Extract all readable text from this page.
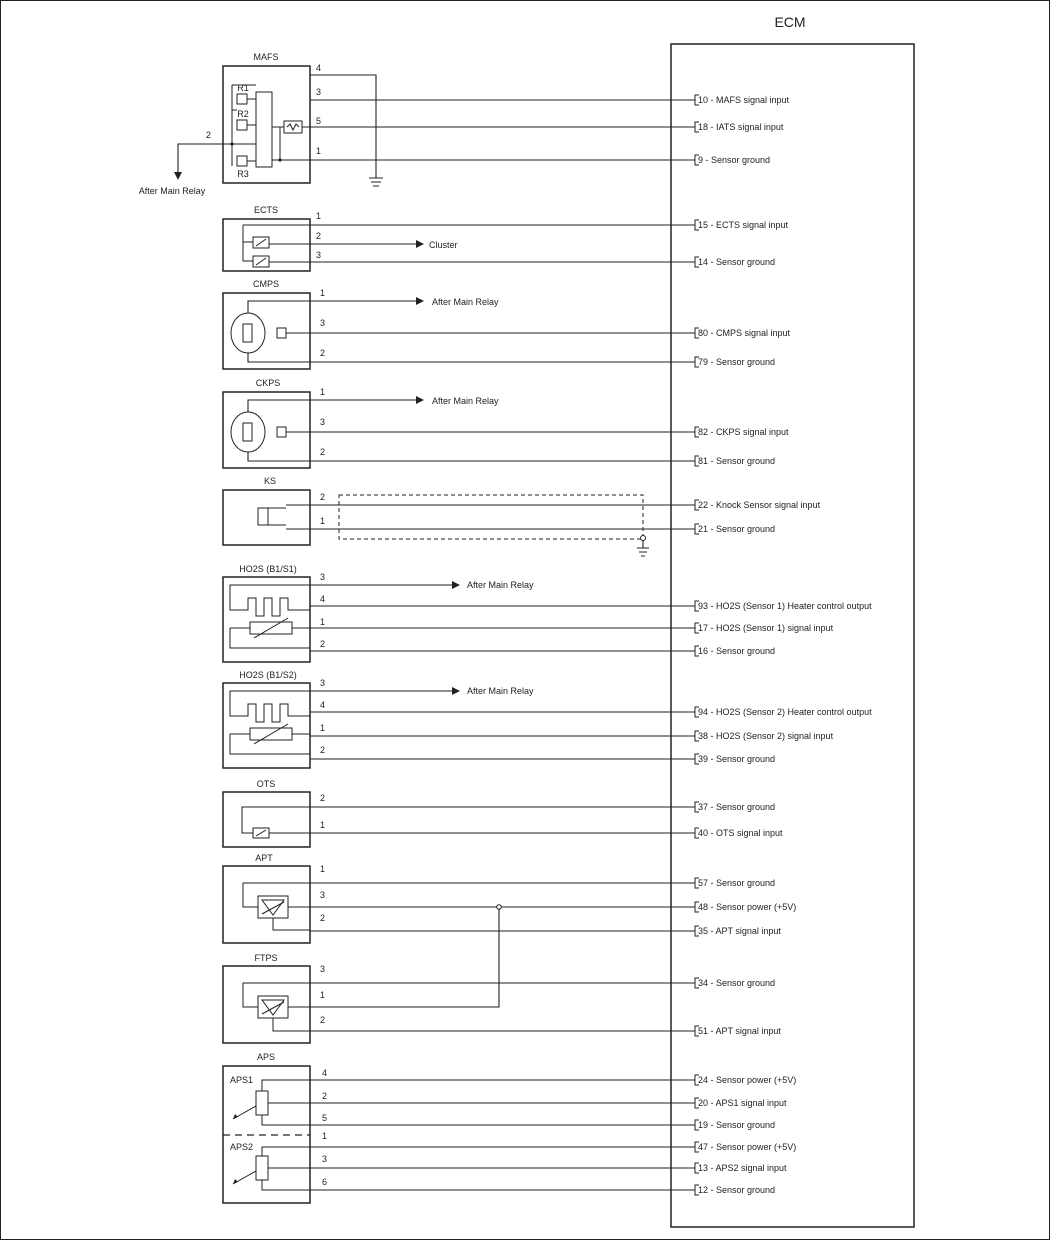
ECM
MAFS
R1
R2
R3
4
3
5
1
2
After Main Relay
ECTS
1
2
3
Cluster
CMPS
1
3
2
After Main Relay
CKPS
1
3
2
After Main Relay
KS
2
1
HO2S (B1/S1)
3
4
1
2
After Main Relay
HO2S (B1/S2)
3
4
1
2
After Main Relay
OTS
2
1
APT
1
3
2
FTPS
3
1
2
APS
APS1
APS2
4
2
5
1
3
6
10 - MAFS signal input
18 - IATS signal input
9 - Sensor ground
15 - ECTS signal input
14 - Sensor ground
80 - CMPS signal input
79 - Sensor ground
82 - CKPS signal input
81 - Sensor ground
22 - Knock Sensor signal input
21 - Sensor ground
93 - HO2S (Sensor 1) Heater control output
17 - HO2S (Sensor 1) signal input
16 - Sensor ground
94 - HO2S (Sensor 2) Heater control output
38 - HO2S (Sensor 2) signal input
39 - Sensor ground
37 - Sensor ground
40 - OTS signal input
57 - Sensor ground
48 - Sensor power (+5V)
35 - APT signal input
34 - Sensor ground
51 - APT signal input
24 - Sensor power (+5V)
20 - APS1 signal input
19 - Sensor ground
47 - Sensor power (+5V)
13 - APS2 signal input
12 - Sensor ground
